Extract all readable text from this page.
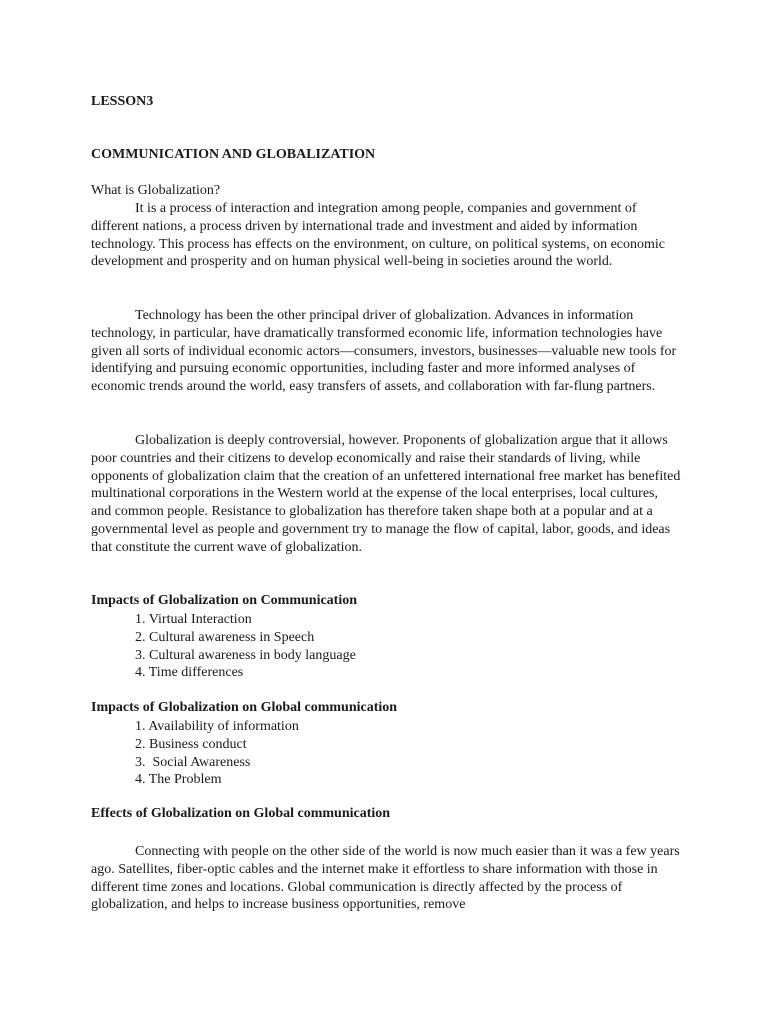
LESSON3
COMMUNICATION AND GLOBALIZATION
What is Globalization?

It is a process of interaction and integration among people, companies and government of different nations, a process driven by international trade and investment and aided by information technology. This process has effects on the environment, on culture, on political systems, on economic development and prosperity and on human physical well-being in societies around the world.

Technology has been the other principal driver of globalization. Advances in information technology, in particular, have dramatically transformed economic life, information technologies have given all sorts of individual economic actors—consumers, investors, businesses—valuable new tools for identifying and pursuing economic opportunities, including faster and more informed analyses of economic trends around the world, easy transfers of assets, and collaboration with far-flung partners.

Globalization is deeply controversial, however. Proponents of globalization argue that it allows poor countries and their citizens to develop economically and raise their standards of living, while opponents of globalization claim that the creation of an unfettered international free market has benefited multinational corporations in the Western world at the expense of the local enterprises, local cultures, and common people. Resistance to globalization has therefore taken shape both at a popular and at a governmental level as people and government try to manage the flow of capital, labor, goods, and ideas that constitute the current wave of globalization.

Impacts of Globalization on Communication
1. Virtual Interaction
2. Cultural awareness in Speech
3. Cultural awareness in body language
4. Time differences
Impacts of Globalization on Global communication
1. Availability of information
2. Business conduct
3.  Social Awareness
4. The Problem
Effects of Globalization on Global communication

Connecting with people on the other side of the world is now much easier than it was a few years ago. Satellites, fiber-optic cables and the internet make it effortless to share information with those in different time zones and locations. Global communication is directly affected by the process of globalization, and helps to increase business opportunities, remove
